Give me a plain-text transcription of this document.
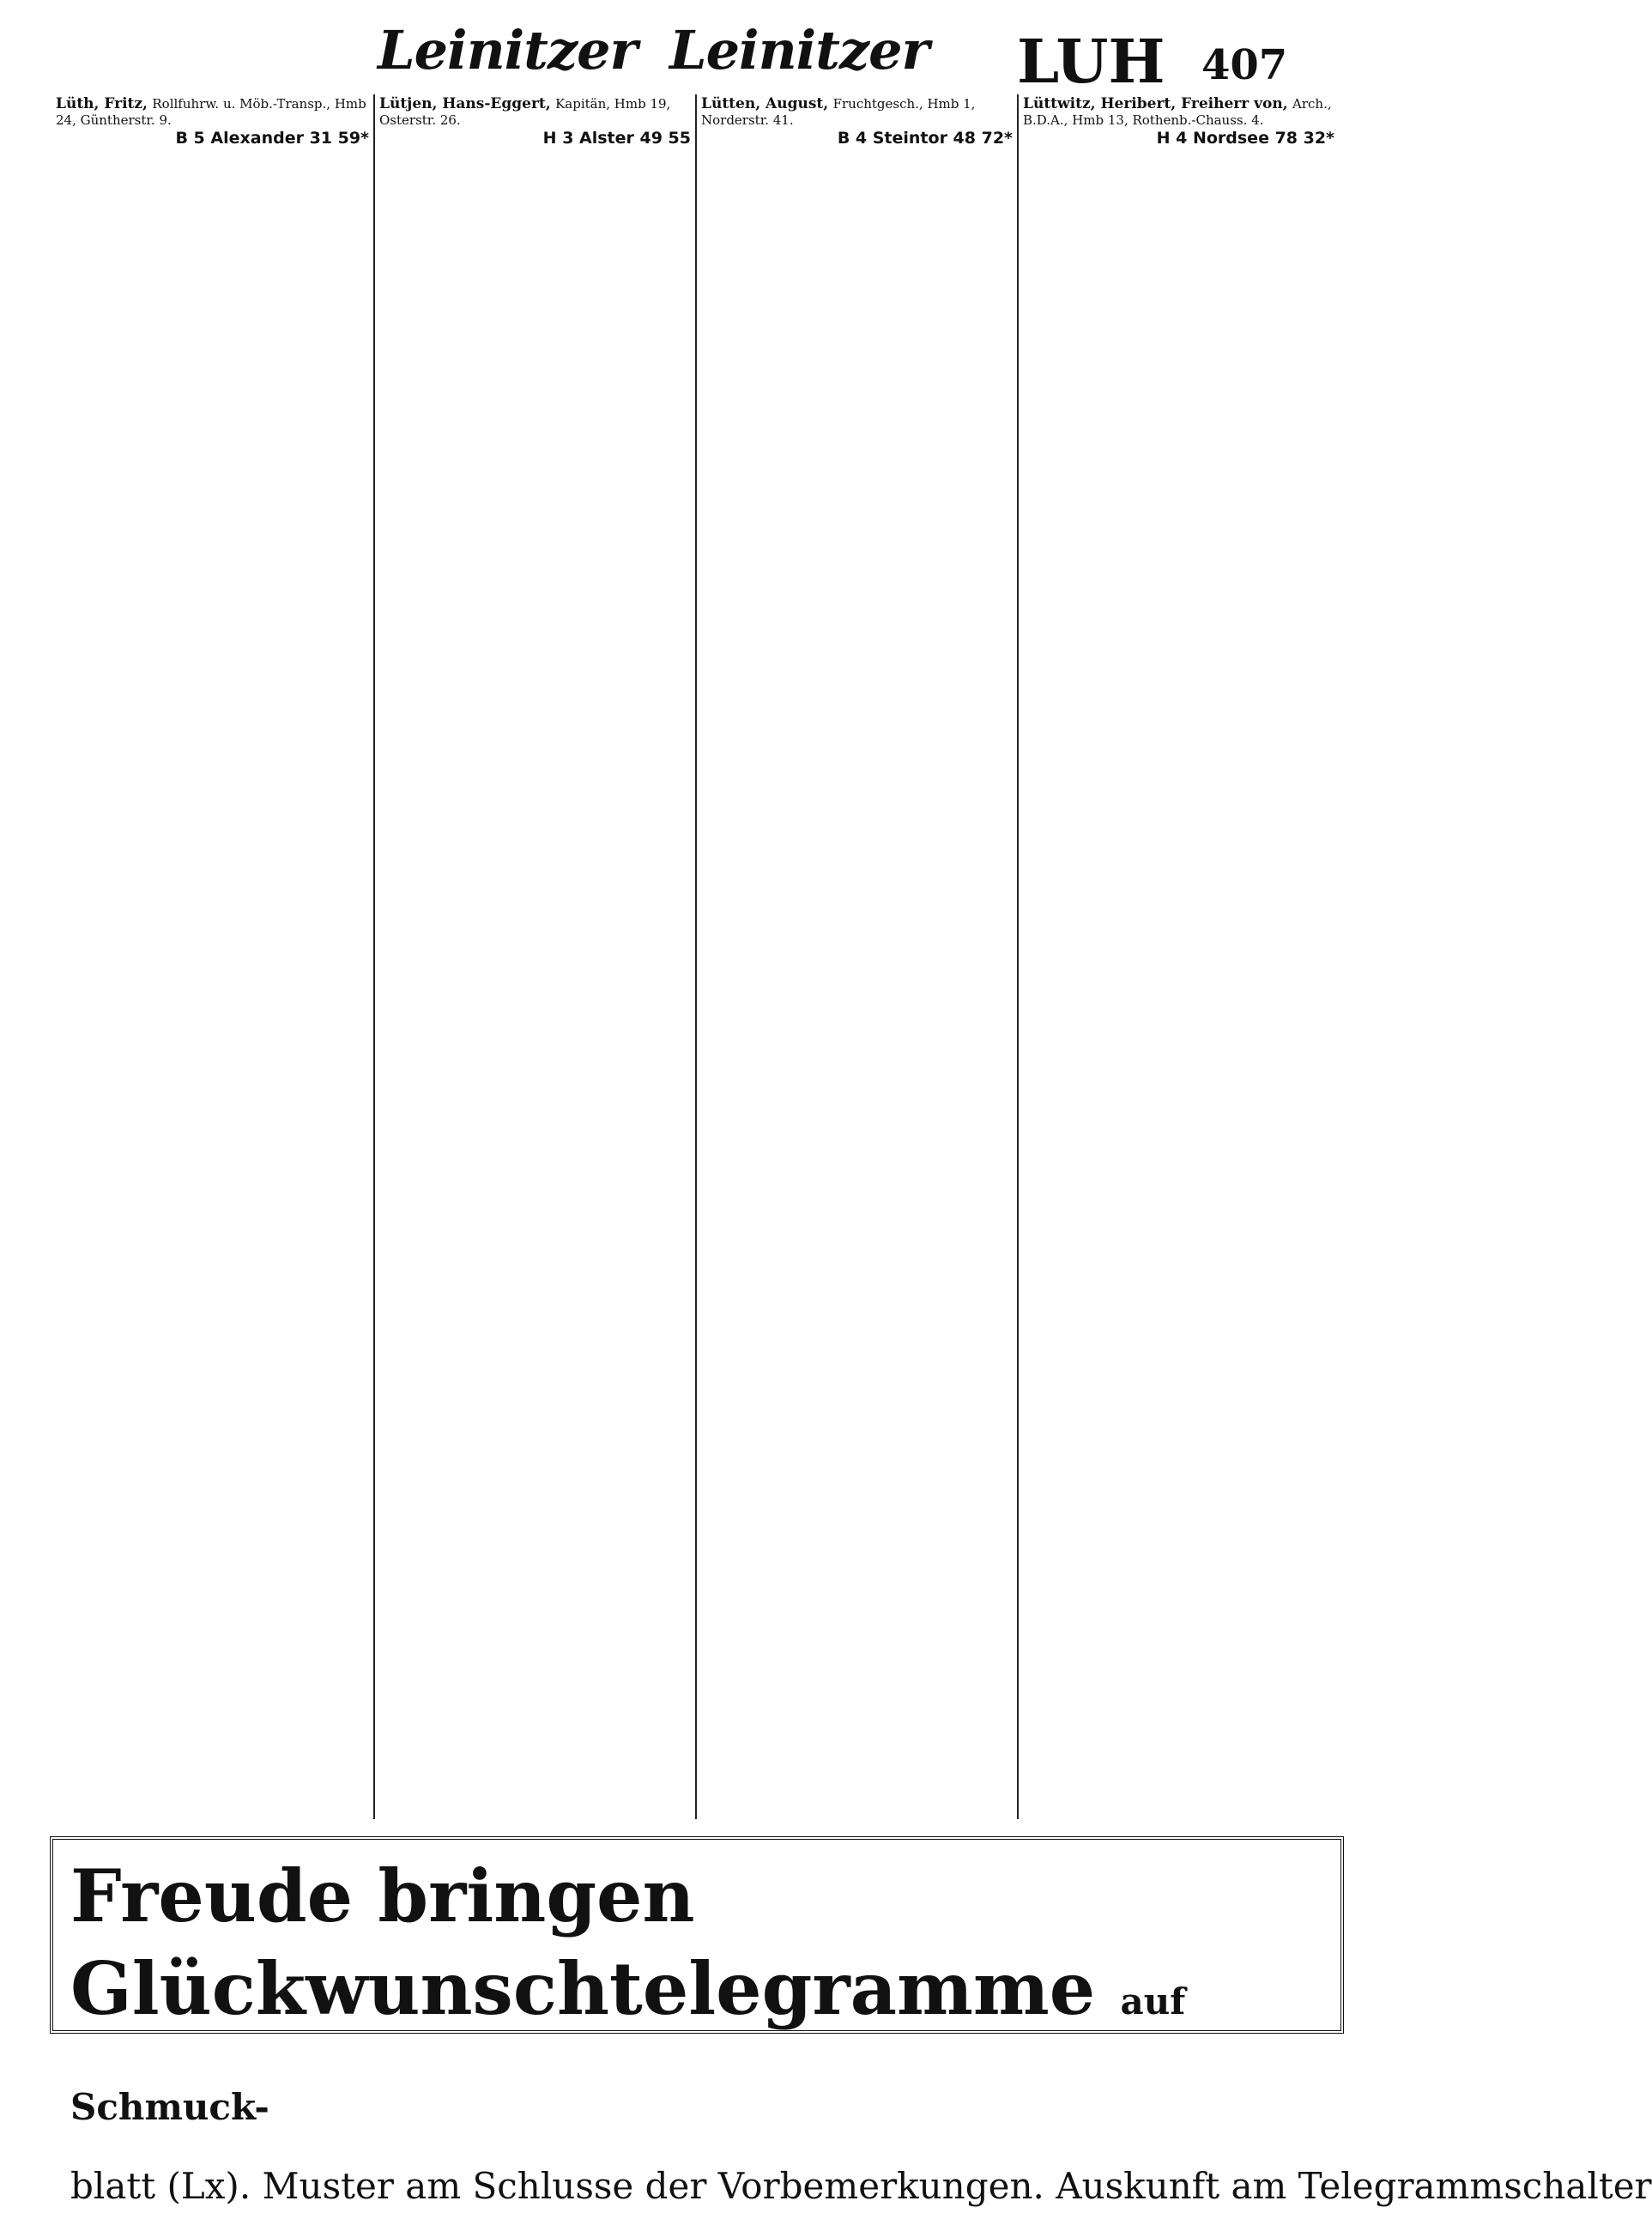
Leinitzer Leinitzer LUH 407
Lüth, Fritz, Rollfuhrw. u. Möb.-Transp., Hmb 24, Güntherstr. 9.
B 5 Alexander 31 59*
Lütjen, Hans-Eggert, Kapitän, Hmb 19, Osterstr. 26.
H 3 Alster 49 55
Lütten, August, Fruchtgesch., Hmb 1, Norderstr. 41.
B 4 Steintor 48 72*
Lüttwitz, Heribert, Freiherr von, Arch., B.D.A., Hmb 13, Rothenb.-Chauss. 4.
H 4 Nordsee 78 32*
Freude bringen Glückwunschtelegramme auf Schmuck-
blatt (Lx). Muster am Schlusse der Vorbemerkungen. Auskunft am Telegrammschalter
